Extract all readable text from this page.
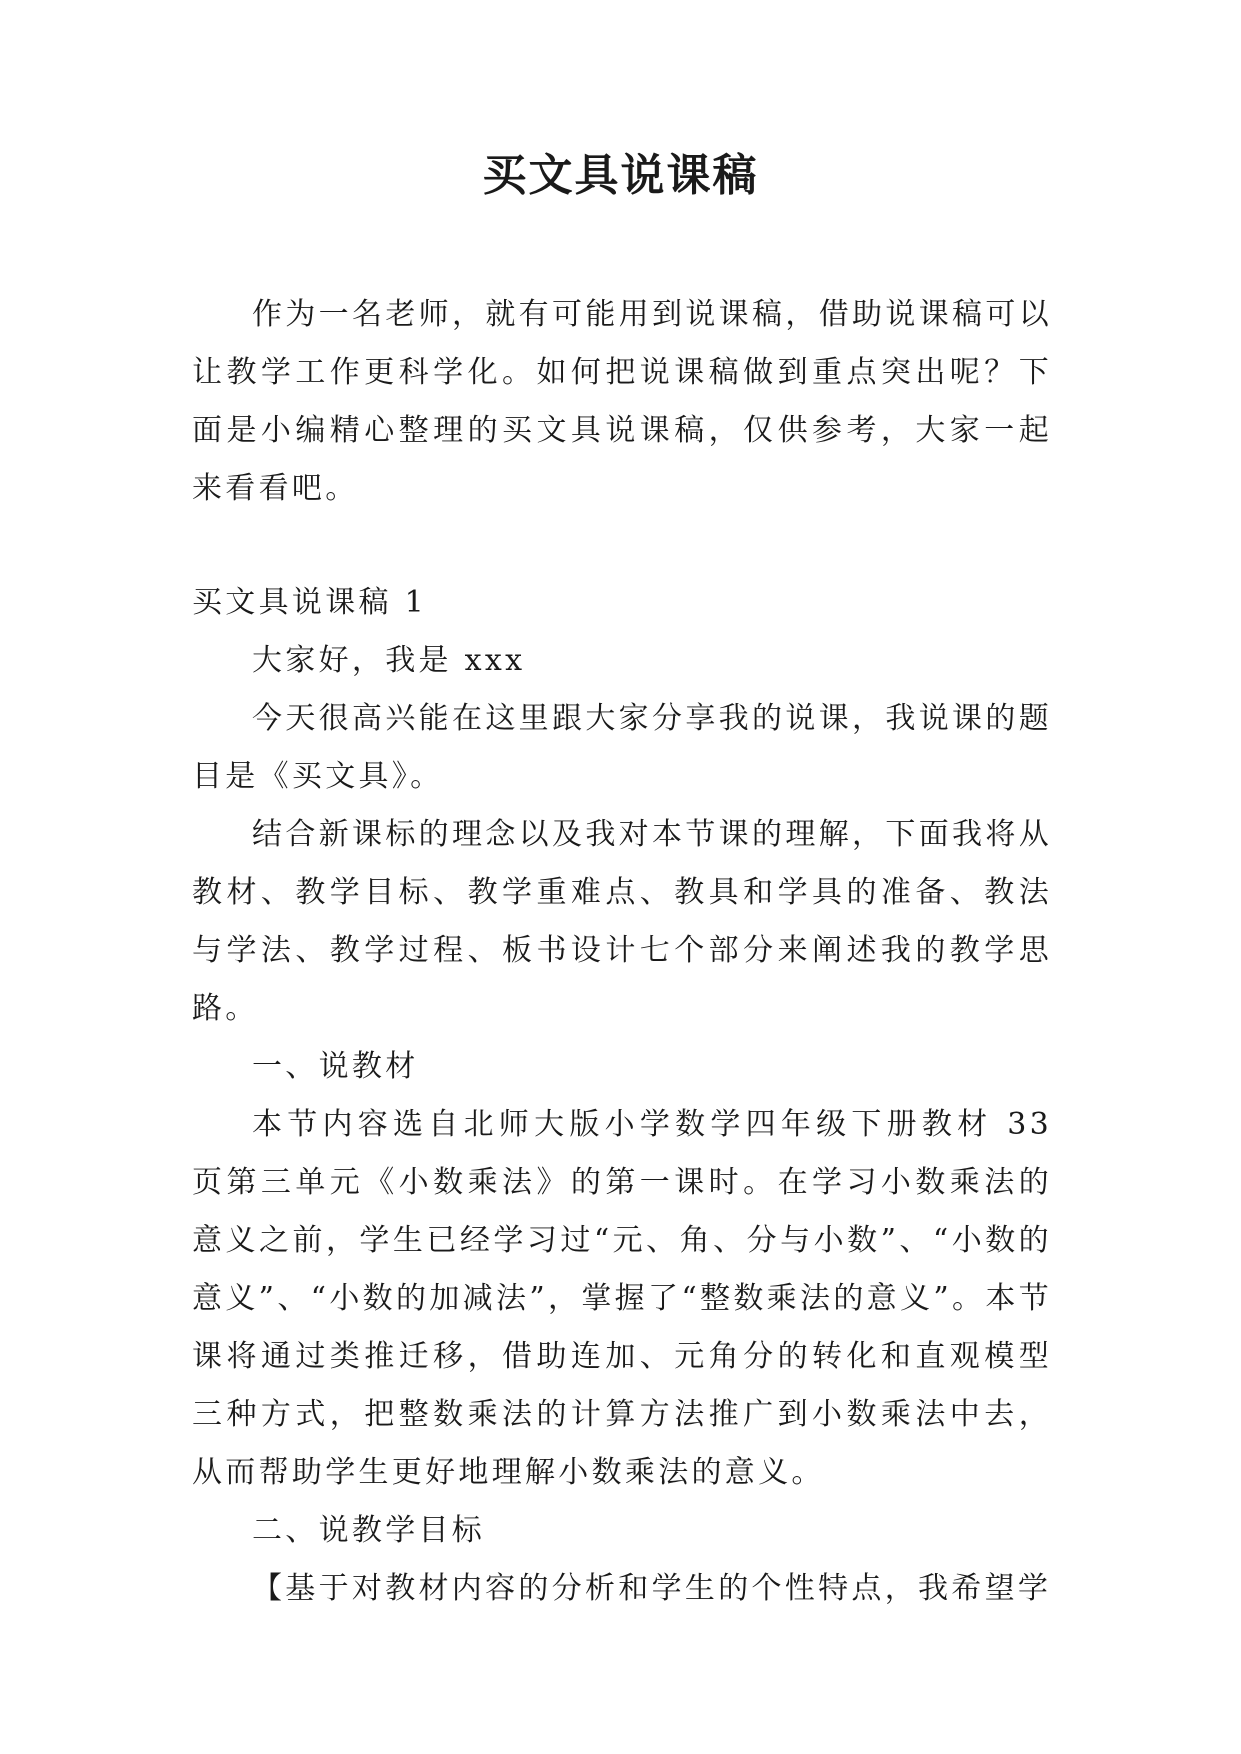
买文具说课稿

作为一名老师，就有可能用到说课稿，借助说课稿可以让教学工作更科学化。如何把说课稿做到重点突出呢？下面是小编精心整理的买文具说课稿，仅供参考，大家一起来看看吧。

买文具说课稿 1

大家好，我是 xxx

今天很高兴能在这里跟大家分享我的说课，我说课的题目是《买文具》。

结合新课标的理念以及我对本节课的理解，下面我将从教材、教学目标、教学重难点、教具和学具的准备、教法与学法、教学过程、板书设计七个部分来阐述我的教学思路。

一、说教材

本节内容选自北师大版小学数学四年级下册教材 33 页第三单元《小数乘法》的第一课时。在学习小数乘法的意义之前，学生已经学习过“元、角、分与小数”、“小数的意义”、“小数的加减法”，掌握了“整数乘法的意义”。本节课将通过类推迁移，借助连加、元角分的转化和直观模型三种方式，把整数乘法的计算方法推广到小数乘法中去，从而帮助学生更好地理解小数乘法的意义。

二、说教学目标

【基于对教材内容的分析和学生的个性特点，我希望学
